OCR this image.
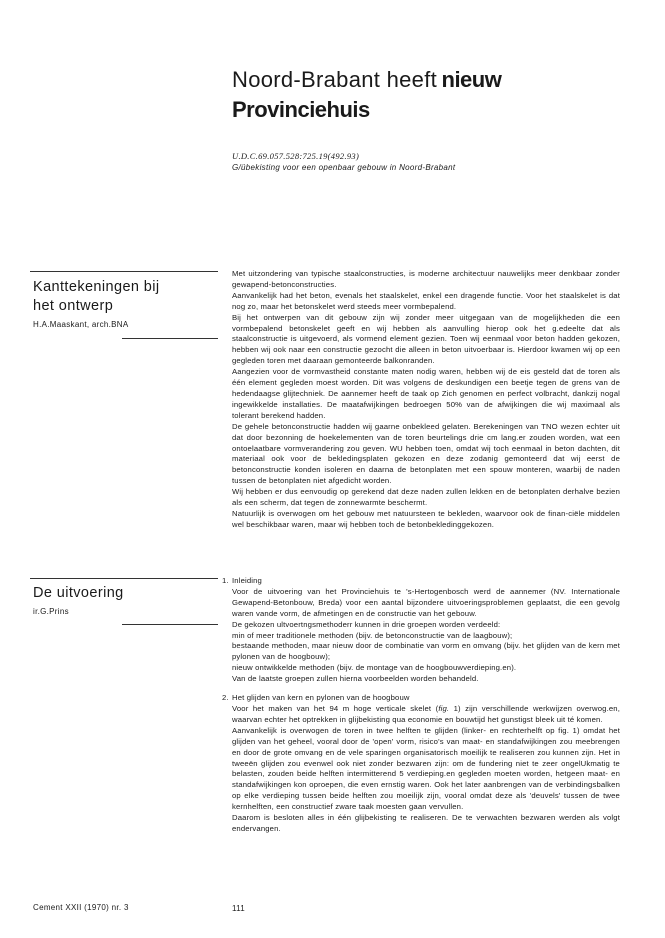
Noord-Brabant heeft nieuw
Provinciehuis
U.D.C.69.057.528:725.19(492.93)
G/übekisting voor een openbaar gebouw in Noord-Brabant
Kanttekeningen bij
het ontwerp
H.A.Maaskant, arch.BNA

Met uitzondering van typische staalconstructies, is moderne architectuur nauwelijks meer denkbaar zonder gewapend-betonconstructies.

Aanvankelijk had het beton, evenals het staalskelet, enkel een dragende functie. Voor het staalskelet is dat nog zo, maar het betonskelet werd steeds meer vormbepalend.

Bij het ontwerpen van dit gebouw zijn wij zonder meer uitgegaan van de mogelijkheden die een vormbepalend betonskelet geeft en wij hebben als aanvulling hierop ook het g.edeelte dat als staalconstructie is uitgevoerd, als vormend element gezien. Toen wij eenmaal voor beton hadden gekozen, hebben wij ook naar een constructie gezocht die alleen in beton uitvoerbaar is. Hierdoor kwamen wij op een gegleden toren met daaraan gemonteerde balkonranden.

Aangezien voor de vormvastheid constante maten nodig waren, hebben wij de eis gesteld dat de toren als één element gegleden moest worden. Dit was volgens de deskundigen een beetje tegen de grens van de hedendaagse glijtechniek. De aannemer heeft de taak op Zich genomen en perfect volbracht, dankzij nogal ingewikkelde installaties. De maatafwijkingen bedroegen 50% van de afwijkingen die wij maximaal als tolerant berekend hadden.

De gehele betonconstructie hadden wij gaarne onbekleed gelaten. Berekeningen van TNO wezen echter uit dat door bezonning de hoekelementen van de toren beurtelings drie cm lang.er zouden worden, wat een ontoelaatbare vormverandering zou geven. WU hebben toen, omdat wij toch eenmaal in beton dachten, dit materiaal ook voor de bekledingsplaten gekozen en deze zodanig gemonteerd dat wij eerst de betonconstructie konden isoleren en daarna de betonplaten met een spouw monteren, waarbij de naden tussen de betonplaten niet afgedicht worden.

Wij hebben er dus eenvoudig op gerekend dat deze naden zullen lekken en de betonplaten derhalve bezien als een scherm, dat tegen de zonnewarmte beschermt.

Natuurlijk is overwogen om het gebouw met natuursteen te bekleden, waarvoor ook de finan-ciële middelen wel beschikbaar waren, maar wij hebben toch de betonbekledinggekozen.

De uitvoering
ir.G.Prins
1. Inleiding

Voor de uitvoering van het Provinciehuis te 's-Hertogenbosch werd de aannemer (NV. Internationale Gewapend-Betonbouw, Breda) voor een aantal bijzondere uitvoeringsproblemen geplaatst, die een gevolg waren vande vorm, de afmetingen en de constructie van het gebouw.

De gekozen ultvoertngsmethoderr kunnen in drie groepen worden verdeeld:

min of meer traditionele methoden (bijv. de betonconstructie van de laagbouw);

bestaande methoden, maar nieuw door de combinatie van vorm en omvang (bijv. het glijden van de kern met pylonen van de hoogbouw);

nieuw ontwikkelde methoden (bijv. de montage van de hoogbouwverdieping.en).

Van de laatste groepen zullen hierna voorbeelden worden behandeld.

2. Het glijden van kern en pylonen van de hoogbouw

Voor het maken van het 94 m hoge verticale skelet (fig. 1) zijn verschillende werkwijzen overwog.en, waarvan echter het optrekken in glijbekisting qua economie en bouwtijd het gunstigst bleek uit té komen.

Aanvankelijk is overwogen de toren in twee helften te glijden (linker- en rechterhelft op fig. 1) omdat het glijden van het geheel, vooral door de 'open' vorm, risico's van maat- en standafwijkingen zou meebrengen en door de grote omvang en de vele sparingen organisatorisch moeilijk te realiseren zou kunnen zijn. Het in tweeën glijden zou evenwel ook niet zonder bezwaren zijn: om de fundering niet te zeer ongelUkmatig te belasten, zouden beide helften intermitterend 5 verdieping.en gegleden moeten worden, hetgeen maat- en standafwijkingen kon oproepen, die even ernstig waren. Ook het later aanbrengen van de verbindingsbalken op elke verdieping tussen beide helften zou moeilijk zijn, vooral omdat deze als 'deuvels' tussen de twee kernhelften, een constructief zware taak moesten gaan vervullen.

Daarom is besloten alles in één glijbekisting te realiseren. De te verwachten bezwaren werden als volgt endervangen.

Cement XXII (1970) nr. 3	111
